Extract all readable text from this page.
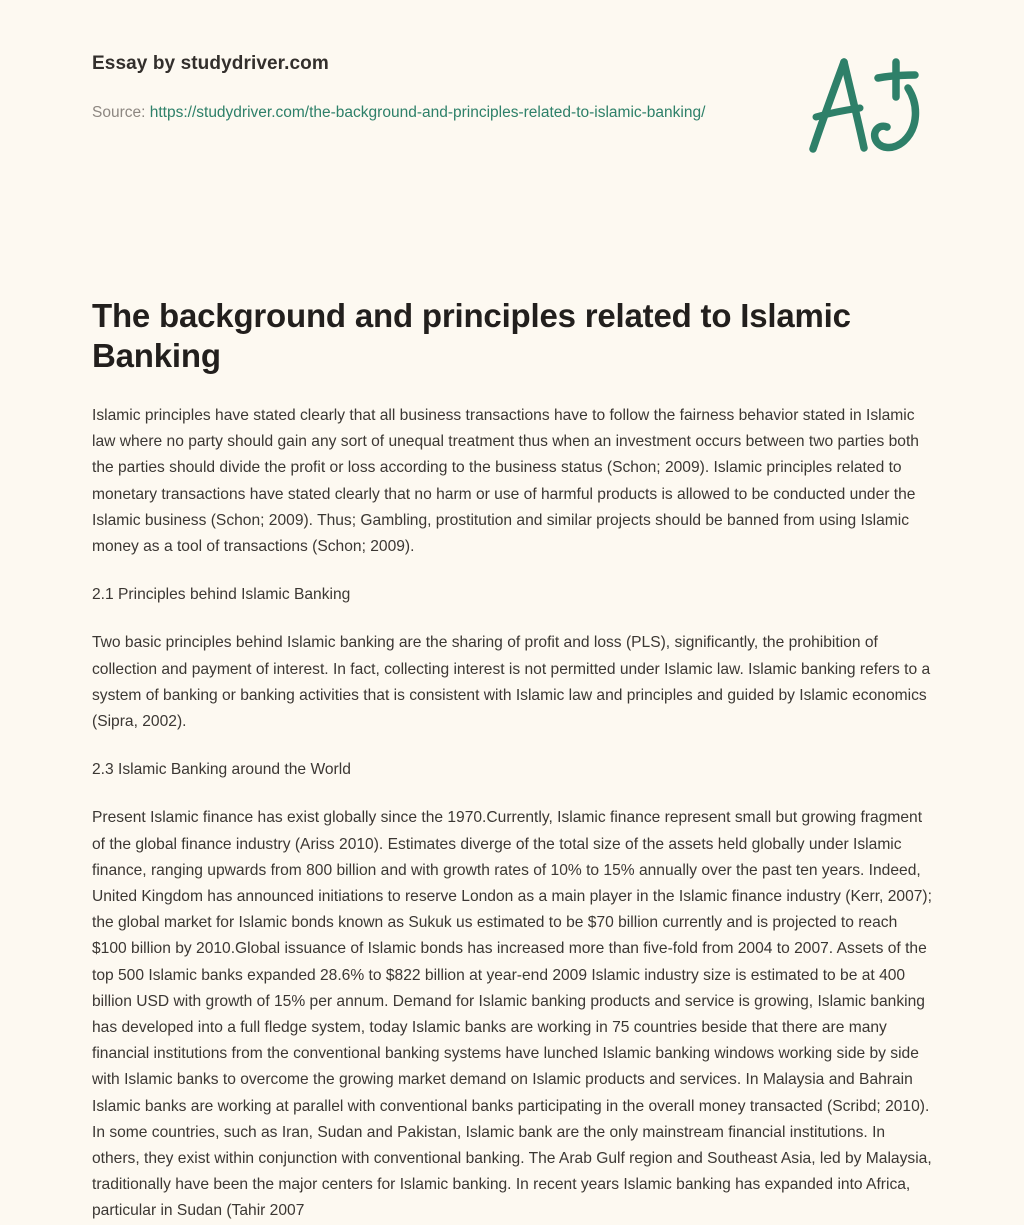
Essay by studydriver.com
Source: https://studydriver.com/the-background-and-principles-related-to-islamic-banking/
The background and principles related to Islamic Banking

Islamic principles have stated clearly that all business transactions have to follow the fairness behavior stated in Islamic law where no party should gain any sort of unequal treatment thus when an investment occurs between two parties both the parties should divide the profit or loss according to the business status (Schon; 2009). Islamic principles related to monetary transactions have stated clearly that no harm or use of harmful products is allowed to be conducted under the Islamic business (Schon; 2009). Thus; Gambling, prostitution and similar projects should be banned from using Islamic money as a tool of transactions (Schon; 2009).

2.1 Principles behind Islamic Banking

Two basic principles behind Islamic banking are the sharing of profit and loss (PLS), significantly, the prohibition of collection and payment of interest. In fact, collecting interest is not permitted under Islamic law. Islamic banking refers to a system of banking or banking activities that is consistent with Islamic law and principles and guided by Islamic economics (Sipra, 2002).

2.3 Islamic Banking around the World

Present Islamic finance has exist globally since the 1970.Currently, Islamic finance represent small but growing fragment of the global finance industry (Ariss 2010). Estimates diverge of the total size of the assets held globally under Islamic finance, ranging upwards from 800 billion and with growth rates of 10% to 15% annually over the past ten years. Indeed, United Kingdom has announced initiations to reserve London as a main player in the Islamic finance industry (Kerr, 2007); the global market for Islamic bonds known as Sukuk us estimated to be $70 billion currently and is projected to reach $100 billion by 2010.Global issuance of Islamic bonds has increased more than five-fold from 2004 to 2007. Assets of the top 500 Islamic banks expanded 28.6% to $822 billion at year-end 2009 Islamic industry size is estimated to be at 400 billion USD with growth of 15% per annum. Demand for Islamic banking products and service is growing, Islamic banking has developed into a full fledge system, today Islamic banks are working in 75 countries beside that there are many financial institutions from the conventional banking systems have lunched Islamic banking windows working side by side with Islamic banks to overcome the growing market demand on Islamic products and services. In Malaysia and Bahrain Islamic banks are working at parallel with conventional banks participating in the overall money transacted (Scribd; 2010). In some countries, such as Iran, Sudan and Pakistan, Islamic bank are the only mainstream financial institutions. In others, they exist within conjunction with conventional banking. The Arab Gulf region and Southeast Asia, led by Malaysia, traditionally have been the major centers for Islamic banking. In recent years Islamic banking has expanded into Africa, particular in Sudan (Tahir 2007
